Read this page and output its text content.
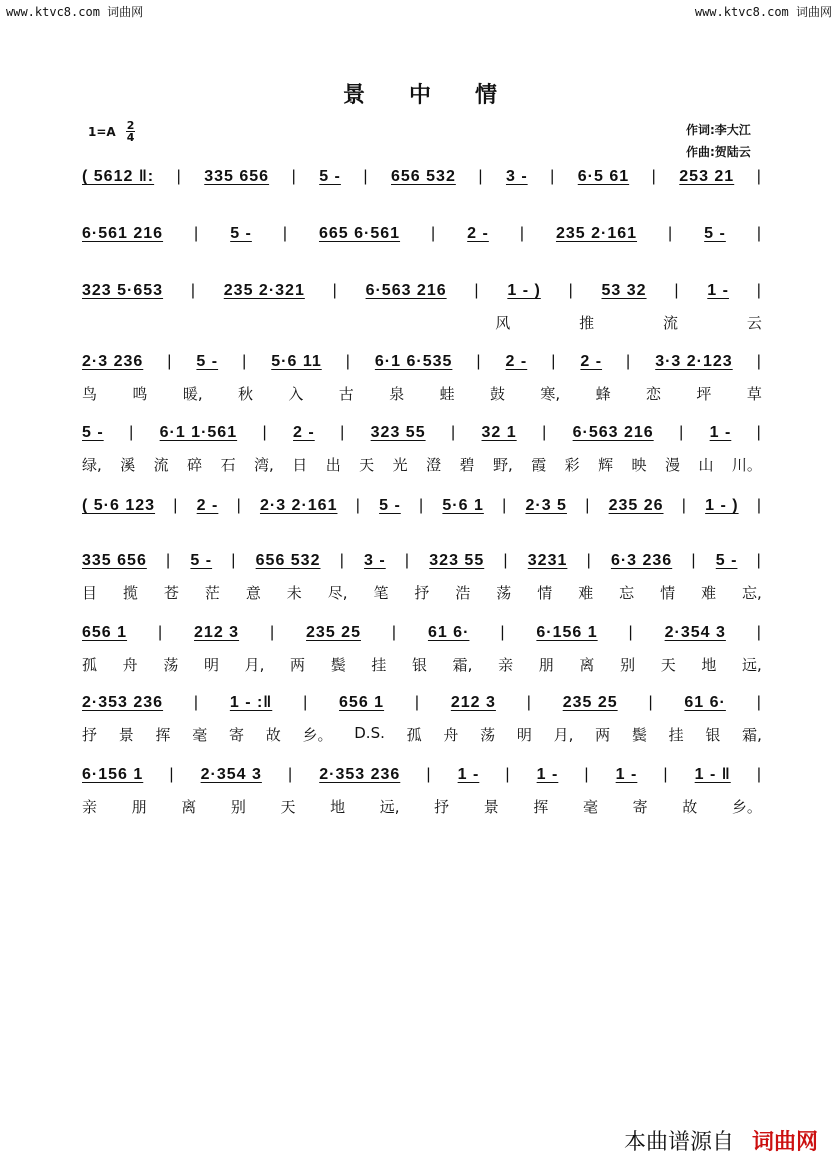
www.ktvc8.com 词曲网	www.ktvc8.com 词曲网
景中情
$1=A \frac{2}{4}$	作词:李大江
作曲:贺陆云
( 5612 ‖: | 335 656 | 5 - | 656 532 | 3 - | 6·5 61 | 253 21 |
6·561 216 | 5 - | 665 6·561 | 2 - | 235 2·161 | 5 - |
323 5·653 | 235 2·321 | 6·563 216 | 1 - ) | 53 32 | 1 - |
风	推	流	云
2·3 236 | 5 - | 5·6 11 | 6·1 6·535 | 2 - | 2 - | 3·3 2·123 |
鸟 鸣 暖, 秋 入 古 泉 蛙 鼓 寒, 蜂 恋 坪 草
5 - | 6·1 1·561 | 2 - | 323 55 | 32 1 | 6·563 216 | 1 - |
绿, 溪 流 碎 石 湾, 日 出 天 光 澄 碧 野, 霞 彩 辉 映 漫 山 川。
( 5·6 123 | 2 - | 2·3 2·161 | 5 - | 5·6 1 | 2·3 5 | 235 26 | 1 - ) |
335 656 | 5 - | 656 532 | 3 - | 323 55 | 3231 | 6·3 236 | 5 - |
目 揽 苍 茫 意 未 尽, 笔 抒 浩 荡 情 难 忘 情 难 忘,
656 1 | 212 3 | 235 25 | 61 6· | 6·156 1 | 2·354 3 |
孤 舟 荡 明 月, 两 鬓 挂 银 霜, 亲 朋 离 别 天 地 远,
2·353 236 | 1 - :‖ | 656 1 | 212 3 | 235 25 | 61 6· |
抒 景 挥 毫 寄 故 乡。 D.S. 孤 舟 荡 明 月, 两 鬓 挂 银 霜,
6·156 1 | 2·354 3 | 2·353 236 | 1 - | 1 - | 1 - | 1 - ‖ |
亲 朋 离 别 天 地 远, 抒 景 挥 毫 寄 故 乡。
本曲谱源自 词曲网
